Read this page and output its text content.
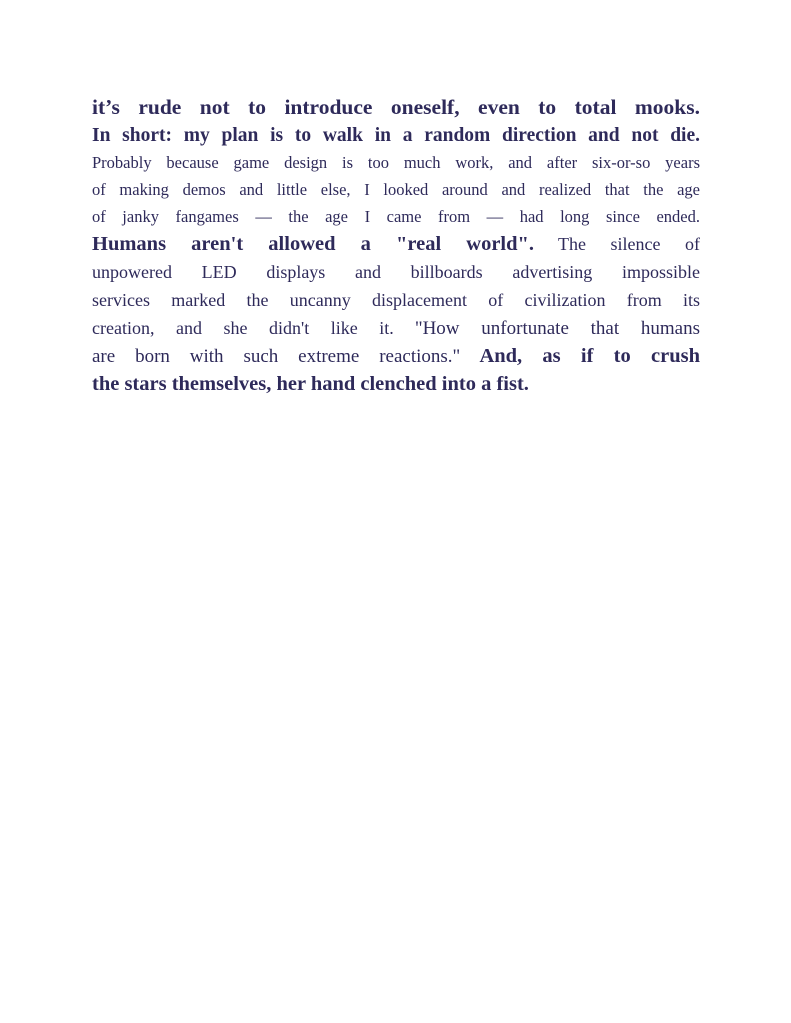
it’s rude not to introduce oneself, even to total mooks.
In short: my plan is to walk in a random direction and not die.
Probably because game design is too much work, and after six-or-so years
of making demos and little else, I looked around and realized that the age
of janky fangames — the age I came from — had long since ended.
Humans aren't allowed a "real world". The silence of
unpowered LED displays and billboards advertising impossible
services marked the uncanny displacement of civilization from its
creation, and she didn't like it. "How unfortunate that humans
are born with such extreme reactions." And, as if to crush
the stars themselves, her hand clenched into a fist.
